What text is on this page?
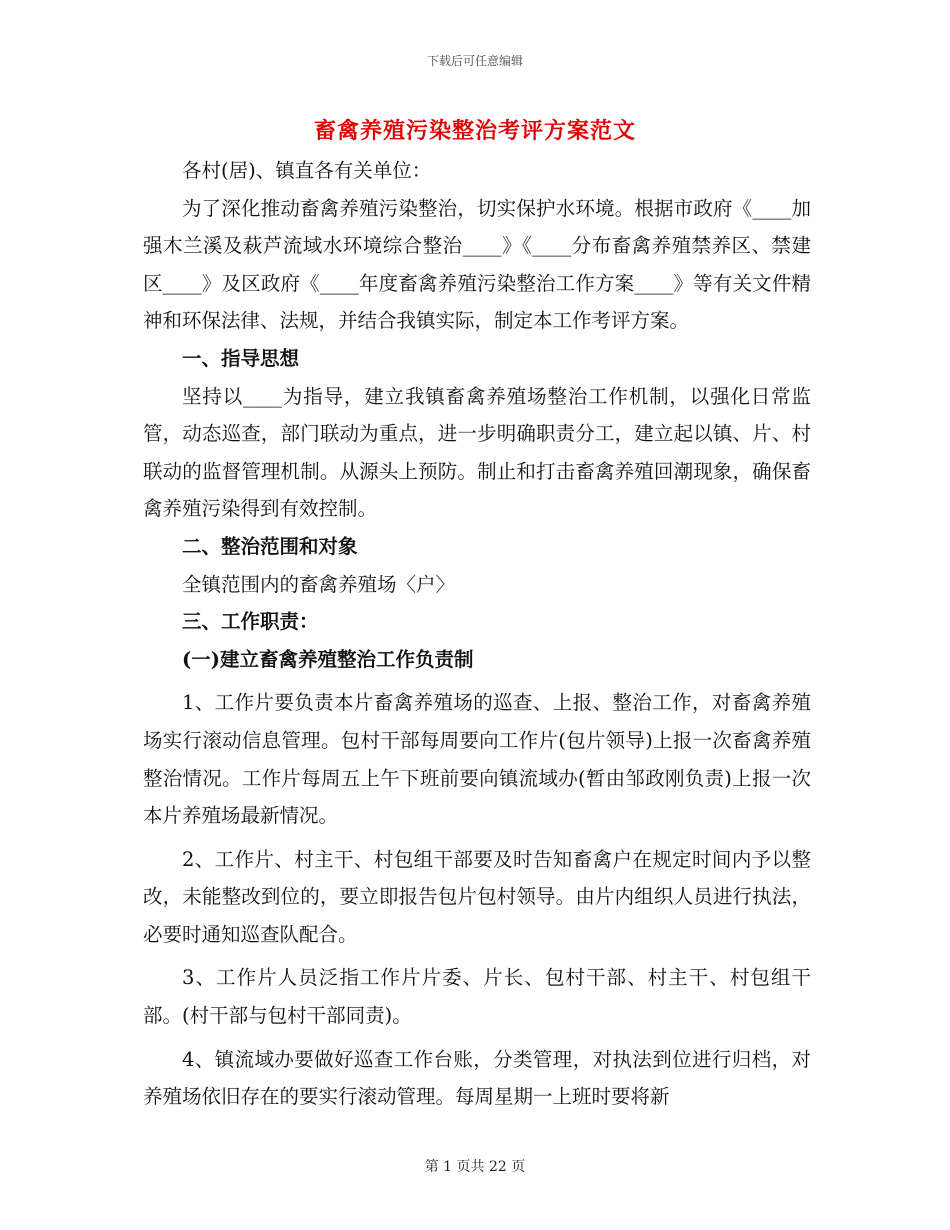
下载后可任意编辑
畜禽养殖污染整治考评方案范文

各村(居)、镇直各有关单位：

为了深化推动畜禽养殖污染整治，切实保护水环境。根据市政府《____加强木兰溪及萩芦流域水环境综合整治____》《____分布畜禽养殖禁养区、禁建区____》及区政府《____年度畜禽养殖污染整治工作方案____》等有关文件精神和环保法律、法规，并结合我镇实际，制定本工作考评方案。

一、指导思想

坚持以____为指导，建立我镇畜禽养殖场整治工作机制，以强化日常监管，动态巡查，部门联动为重点，进一步明确职责分工，建立起以镇、片、村联动的监督管理机制。从源头上预防。制止和打击畜禽养殖回潮现象，确保畜禽养殖污染得到有效控制。

二、整治范围和对象

全镇范围内的畜禽养殖场〈户〉

三、工作职责：

(一)建立畜禽养殖整治工作负责制

1、工作片要负责本片畜禽养殖场的巡查、上报、整治工作，对畜禽养殖场实行滚动信息管理。包村干部每周要向工作片(包片领导)上报一次畜禽养殖整治情况。工作片每周五上午下班前要向镇流域办(暂由邹政刚负责)上报一次本片养殖场最新情况。

2、工作片、村主干、村包组干部要及时告知畜禽户在规定时间内予以整改，未能整改到位的，要立即报告包片包村领导。由片内组织人员进行执法，必要时通知巡查队配合。

3、工作片人员泛指工作片片委、片长、包村干部、村主干、村包组干部。(村干部与包村干部同责)。

4、镇流域办要做好巡查工作台账，分类管理，对执法到位进行归档，对养殖场依旧存在的要实行滚动管理。每周星期一上班时要将新

第 1 页共 22 页
